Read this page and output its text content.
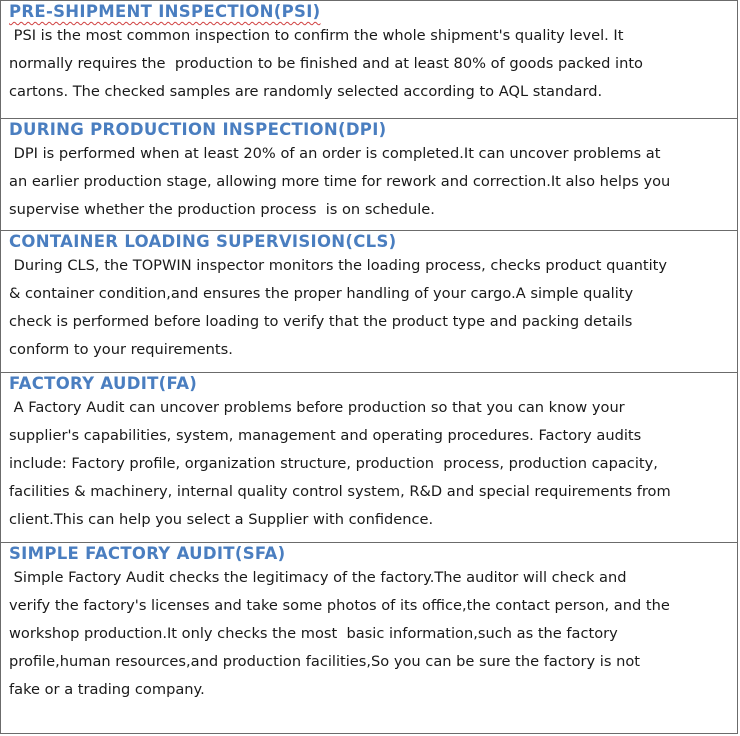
PRE-SHIPMENT INSPECTION(PSI)
PSI is the most common inspection to confirm the whole shipment's quality level. It
normally requires the  production to be finished and at least 80% of goods packed into
cartons. The checked samples are randomly selected according to AQL standard.
DURING PRODUCTION INSPECTION(DPI)
DPI is performed when at least 20% of an order is completed.It can uncover problems at
an earlier production stage, allowing more time for rework and correction.It also helps you
supervise whether the production process  is on schedule.
CONTAINER LOADING SUPERVISION(CLS)
During CLS, the TOPWIN inspector monitors the loading process, checks product quantity
& container condition,and ensures the proper handling of your cargo.A simple quality
check is performed before loading to verify that the product type and packing details
conform to your requirements.
FACTORY AUDIT(FA)
A Factory Audit can uncover problems before production so that you can know your
supplier's capabilities, system, management and operating procedures. Factory audits
include: Factory profile, organization structure, production  process, production capacity,
facilities & machinery, internal quality control system, R&D and special requirements from
client.This can help you select a Supplier with confidence.
SIMPLE FACTORY AUDIT(SFA)
Simple Factory Audit checks the legitimacy of the factory.The auditor will check and
verify the factory's licenses and take some photos of its office,the contact person, and the
workshop production.It only checks the most  basic information,such as the factory
profile,human resources,and production facilities,So you can be sure the factory is not
fake or a trading company.
